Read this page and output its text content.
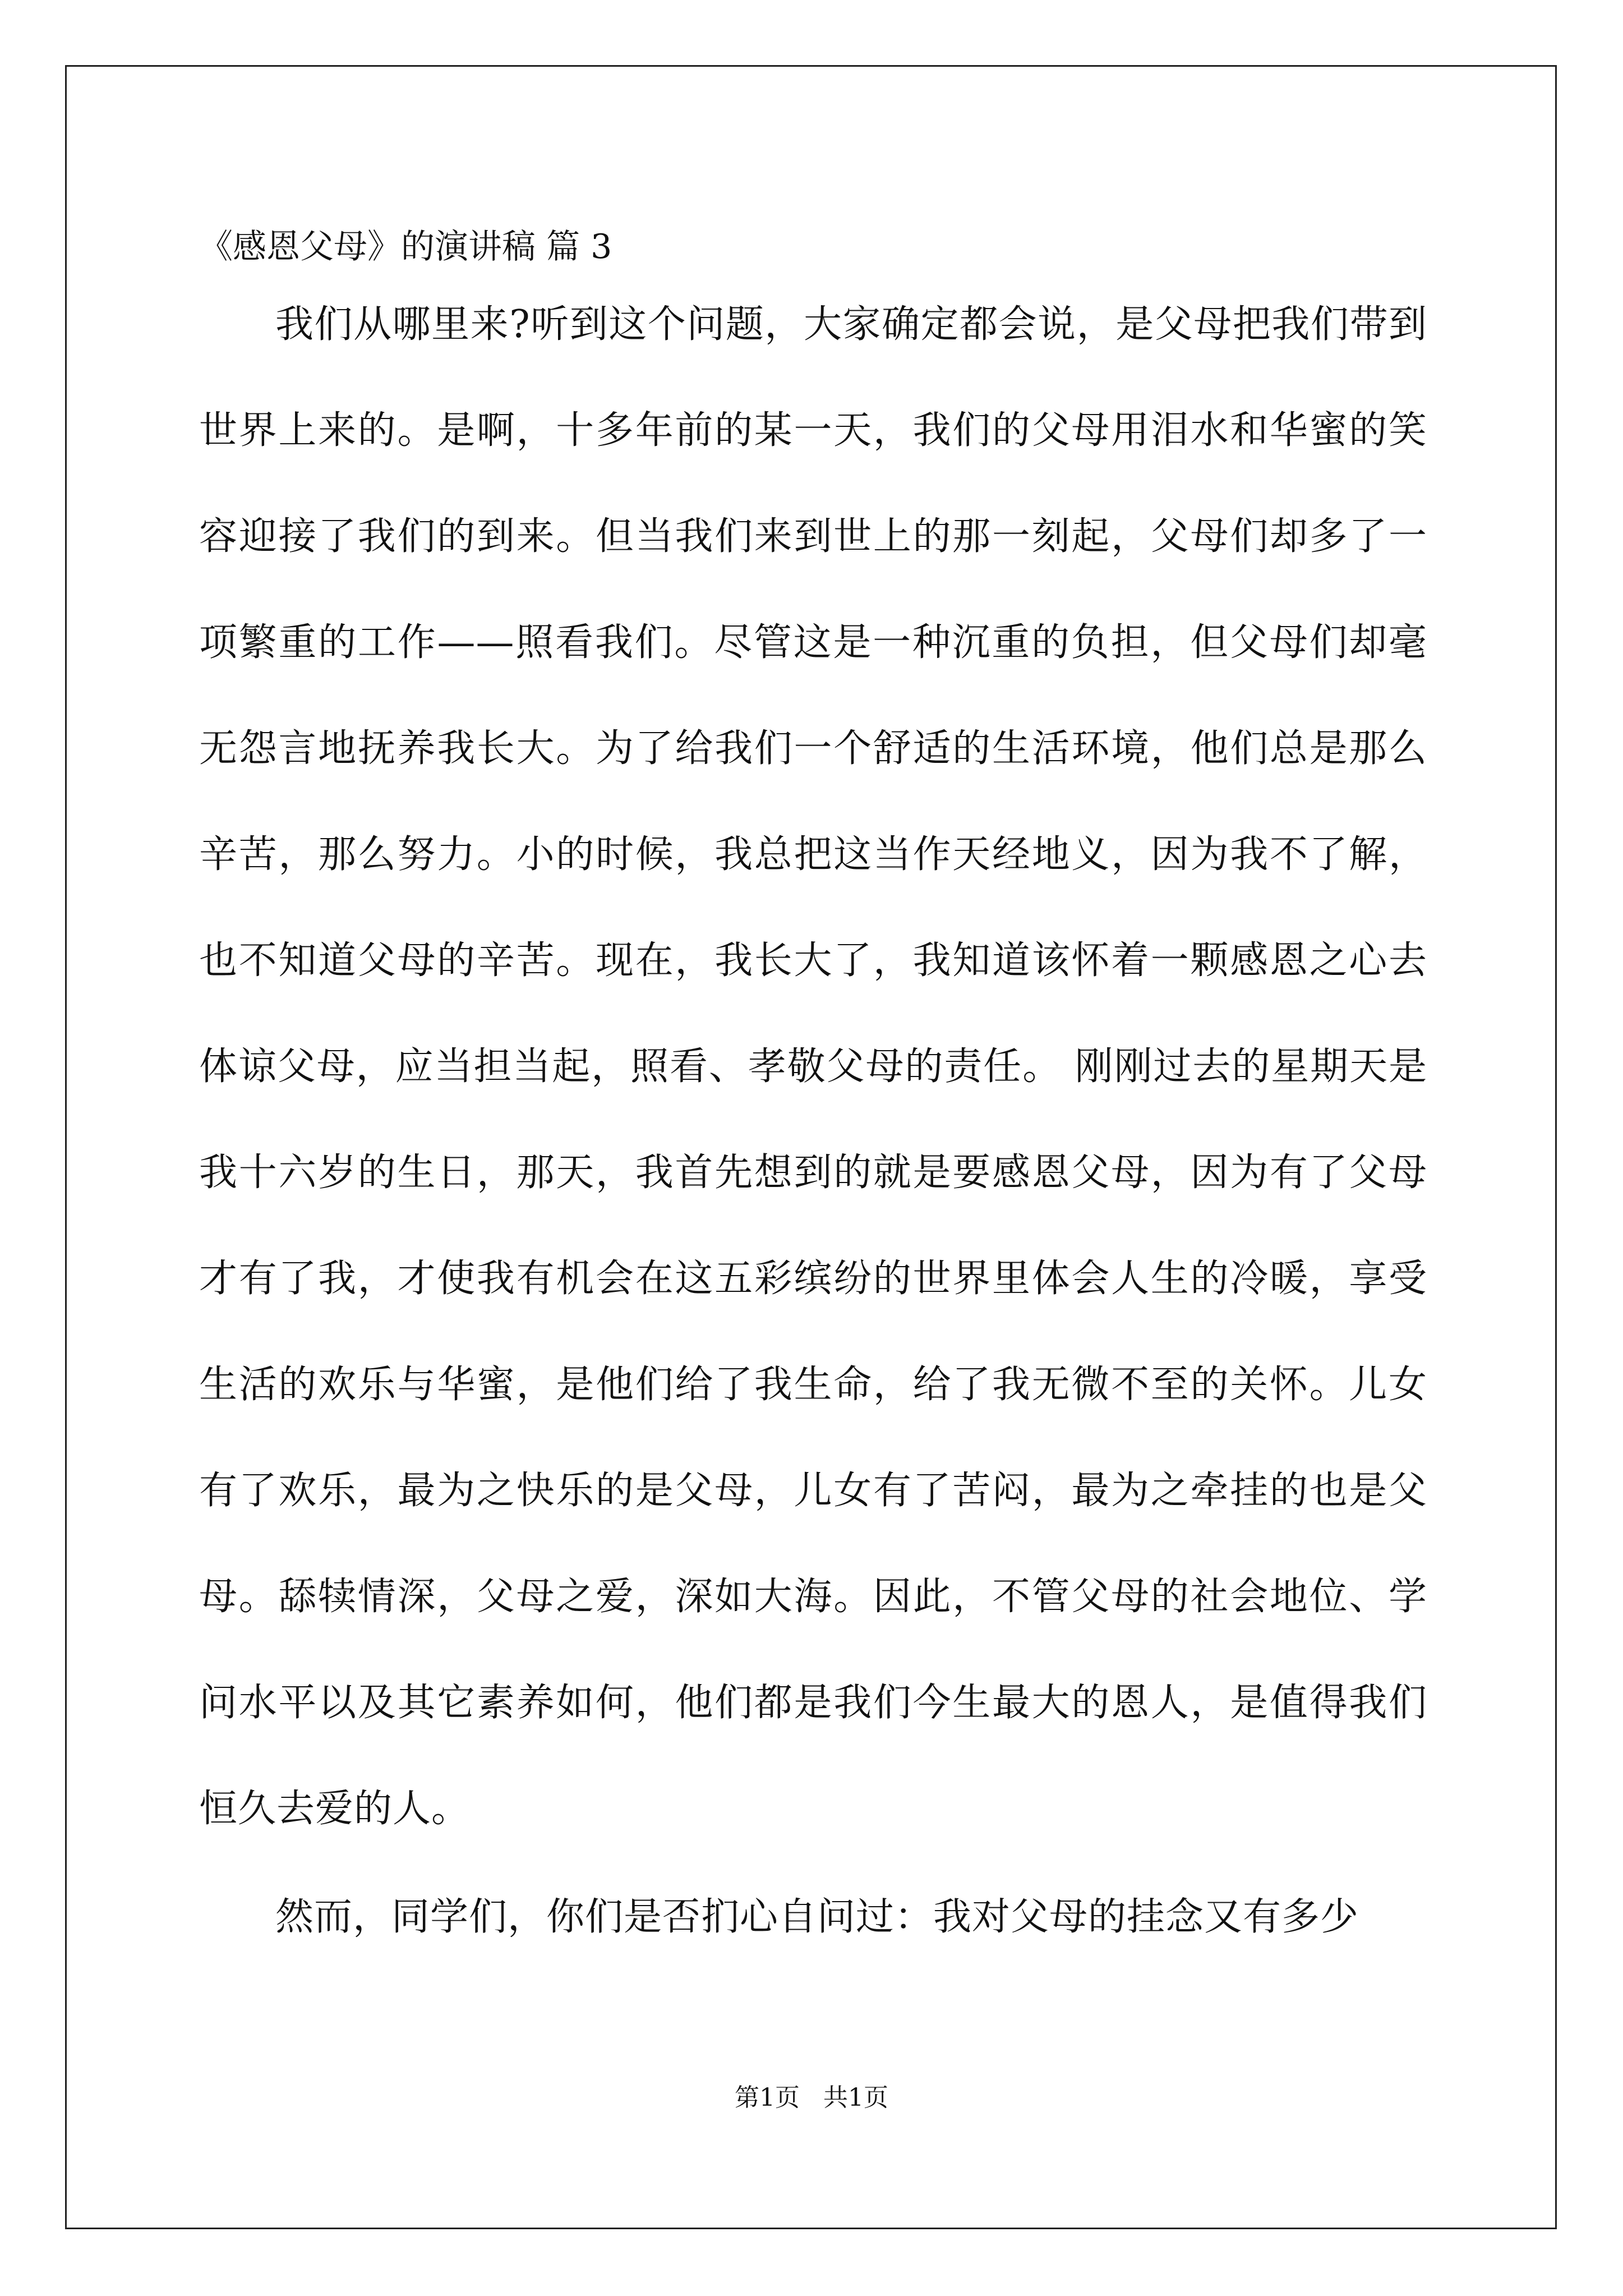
《感恩父母》的演讲稿 篇 3

我们从哪里来?听到这个问题，大家确定都会说，是父母把我们带到世界上来的。是啊，十多年前的某一天，我们的父母用泪水和华蜜的笑容迎接了我们的到来。但当我们来到世上的那一刻起，父母们却多了一项繁重的工作——照看我们。尽管这是一种沉重的负担，但父母们却毫无怨言地抚养我长大。为了给我们一个舒适的生活环境，他们总是那么辛苦，那么努力。小的时候，我总把这当作天经地义，因为我不了解，也不知道父母的辛苦。现在，我长大了，我知道该怀着一颗感恩之心去体谅父母，应当担当起，照看、孝敬父母的责任。 刚刚过去的星期天是我十六岁的生日，那天，我首先想到的就是要感恩父母，因为有了父母才有了我，才使我有机会在这五彩缤纷的世界里体会人生的冷暖，享受生活的欢乐与华蜜，是他们给了我生命，给了我无微不至的关怀。儿女有了欢乐，最为之快乐的是父母，儿女有了苦闷，最为之牵挂的也是父母。舔犊情深，父母之爱，深如大海。因此，不管父母的社会地位、学问水平以及其它素养如何，他们都是我们今生最大的恩人，是值得我们恒久去爱的人。

然而，同学们，你们是否扪心自问过：我对父母的挂念又有多少

第1页   共1页
